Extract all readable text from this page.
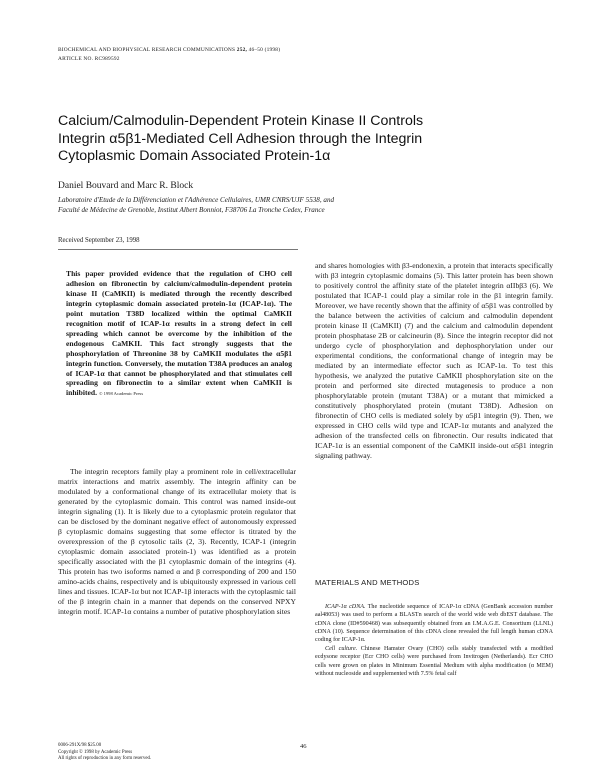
BIOCHEMICAL AND BIOPHYSICAL RESEARCH COMMUNICATIONS 252, 46–50 (1998)
ARTICLE NO. RC989592
Calcium/Calmodulin-Dependent Protein Kinase II Controls
Integrin α5β1-Mediated Cell Adhesion through the Integrin
Cytoplasmic Domain Associated Protein-1α
Daniel Bouvard and Marc R. Block
Laboratoire d'Etude de la Différenciation et l'Adhérence Cellulaires, UMR CNRS/UJF 5538, and
Faculté de Médecine de Grenoble, Institut Albert Bonniot, F38706 La Tronche Cedex, France
Received September 23, 1998
This paper provided evidence that the regulation of CHO cell adhesion on fibronectin by calcium/calmodulin-dependent protein kinase II (CaMKII) is mediated through the recently described integrin cytoplasmic domain associated protein-1α (ICAP-1α). The point mutation T38D localized within the optimal CaMKII recognition motif of ICAP-1α results in a strong defect in cell spreading which cannot be overcome by the inhibition of the endogenous CaMKII. This fact strongly suggests that the phosphorylation of Threonine 38 by CaMKII modulates the α5β1 integrin function. Conversely, the mutation T38A produces an analog of ICAP-1α that cannot be phosphorylated and that stimulates cell spreading on fibronectin to a similar extent when CaMKII is inhibited. © 1998 Academic Press

The integrin receptors family play a prominent role in cell/extracellular matrix interactions and matrix assembly. The integrin affinity can be modulated by a conformational change of its extracellular moiety that is generated by the cytoplasmic domain. This control was named inside-out integrin signaling (1). It is likely due to a cytoplasmic protein regulator that can be disclosed by the dominant negative effect of autonomously expressed β cytoplasmic domains suggesting that some effector is titrated by the overexpression of the β cytosolic tails (2, 3). Recently, ICAP-1 (integrin cytoplasmic domain associated protein-1) was identified as a protein specifically associated with the β1 cytoplasmic domain of the integrins (4). This protein has two isoforms named α and β corresponding of 200 and 150 amino-acids chains, respectively and is ubiquitously expressed in various cell lines and tissues. ICAP-1α but not ICAP-1β interacts with the cytoplasmic tail of the β integrin chain in a manner that depends on the conserved NPXY integrin motif. ICAP-1α contains a number of putative phosphorylation sites

and shares homologies with β3-endonexin, a protein that interacts specifically with β3 integrin cytoplasmic domains (5). This latter protein has been shown to positively control the affinity state of the platelet integrin αIIbβ3 (6). We postulated that ICAP-1 could play a similar role in the β1 integrin family. Moreover, we have recently shown that the affinity of α5β1 was controlled by the balance between the activities of calcium and calmodulin dependent protein kinase II (CaMKII) (7) and the calcium and calmodulin dependent protein phosphatase 2B or calcineurin (8). Since the integrin receptor did not undergo cycle of phosphorylation and dephosphorylation under our experimental conditions, the conformational change of integrin may be mediated by an intermediate effector such as ICAP-1α. To test this hypothesis, we analyzed the putative CaMKII phosphorylation site on the protein and performed site directed mutagenesis to produce a non phosphorylatable protein (mutant T38A) or a mutant that mimicked a constitutively phosphorylated protein (mutant T38D). Adhesion on fibronectin of CHO cells is mediated solely by α5β1 integrin (9). Then, we expressed in CHO cells wild type and ICAP-1α mutants and analyzed the adhesion of the transfected cells on fibronectin. Our results indicated that ICAP-1α is an essential component of the CaMKII inside-out α5β1 integrin signaling pathway.

MATERIALS AND METHODS

ICAP-1α cDNA. The nucleotide sequence of ICAP-1α cDNA (GenBank accession number aal48053) was used to perform a BLASTn search of the world wide web dbEST database. The cDNA clone (ID#590468) was subsequently obtained from an I.M.A.G.E. Consortium (LLNL) cDNA (10). Sequence determination of this cDNA clone revealed the full length human cDNA coding for ICAP-1α.

Cell culture. Chinese Hamster Ovary (CHO) cells stably transfected with a modified ecdysone receptor (Ecr CHO cells) were purchased from Invitrogen (Netherlands). Ecr CHO cells were grown on plates in Minimum Essential Medium with alpha modification (α MEM) without nucleoside and supplemented with 7.5% fetal calf

0006-291X/98 $25.00
Copyright © 1998 by Academic Press
All rights of reproduction in any form reserved.
46
